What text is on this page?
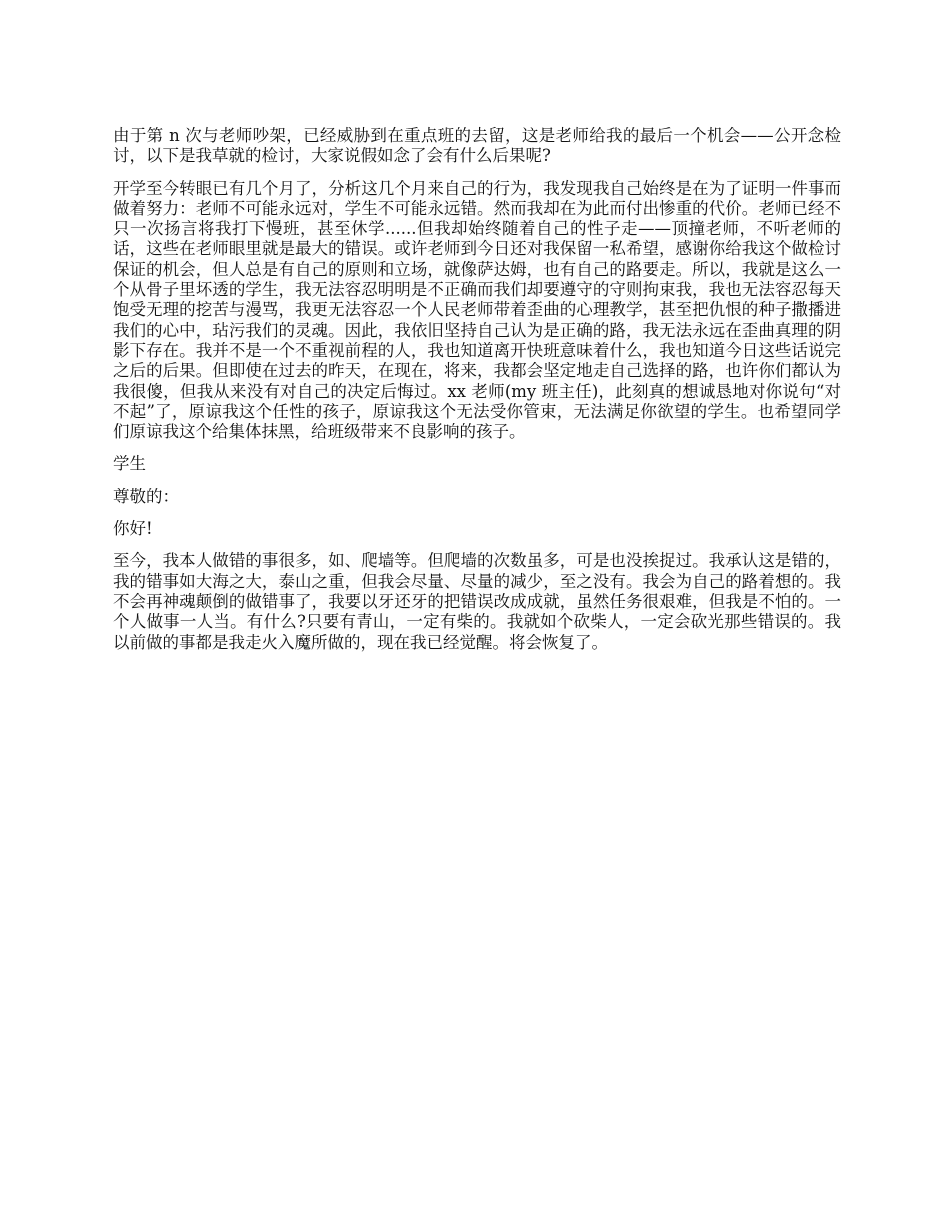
由于第 n 次与老师吵架，已经威胁到在重点班的去留，这是老师给我的最后一个机会——公开念检讨，以下是我草就的检讨，大家说假如念了会有什么后果呢?

开学至今转眼已有几个月了，分析这几个月来自己的行为，我发现我自己始终是在为了证明一件事而做着努力：老师不可能永远对，学生不可能永远错。然而我却在为此而付出惨重的代价。老师已经不只一次扬言将我打下慢班，甚至休学......但我却始终随着自己的性子走——顶撞老师，不听老师的话，这些在老师眼里就是最大的错误。或许老师到今日还对我保留一私希望，感谢你给我这个做检讨保证的机会，但人总是有自己的原则和立场，就像萨达姆，也有自己的路要走。所以，我就是这么一个从骨子里坏透的学生，我无法容忍明明是不正确而我们却要遵守的守则拘束我，我也无法容忍每天饱受无理的挖苦与漫骂，我更无法容忍一个人民老师带着歪曲的心理教学，甚至把仇恨的种子撒播进我们的心中，玷污我们的灵魂。因此，我依旧坚持自己认为是正确的路，我无法永远在歪曲真理的阴影下存在。我并不是一个不重视前程的人，我也知道离开快班意味着什么，我也知道今日这些话说完之后的后果。但即使在过去的昨天，在现在，将来，我都会坚定地走自己选择的路，也许你们都认为我很傻，但我从来没有对自己的决定后悔过。xx 老师(my 班主任)，此刻真的想诚恳地对你说句“对不起”了，原谅我这个任性的孩子，原谅我这个无法受你管束，无法满足你欲望的学生。也希望同学们原谅我这个给集体抹黑，给班级带来不良影响的孩子。

学生

尊敬的：

你好!

至今，我本人做错的事很多，如、爬墙等。但爬墙的次数虽多，可是也没挨捉过。我承认这是错的，我的错事如大海之大，泰山之重，但我会尽量、尽量的减少，至之没有。我会为自己的路着想的。我不会再神魂颠倒的做错事了，我要以牙还牙的把错误改成成就，虽然任务很艰难，但我是不怕的。一个人做事一人当。有什么?只要有青山，一定有柴的。我就如个砍柴人，一定会砍光那些错误的。我以前做的事都是我走火入魔所做的，现在我已经觉醒。将会恢复了。
